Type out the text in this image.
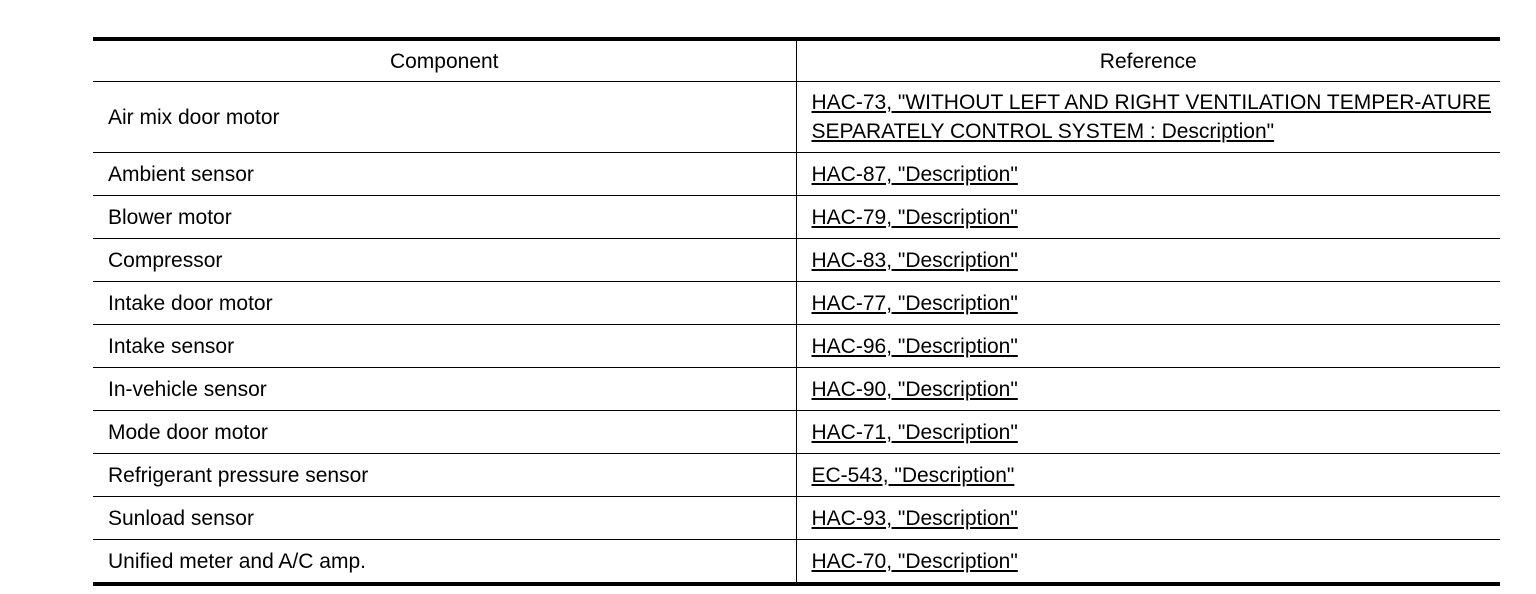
Component	Reference
Air mix door motor	HAC-73, "WITHOUT LEFT AND RIGHT VENTILATION TEMPER-ATURE SEPARATELY CONTROL SYSTEM : Description"
Ambient sensor	HAC-87, "Description"
Blower motor	HAC-79, "Description"
Compressor	HAC-83, "Description"
Intake door motor	HAC-77, "Description"
Intake sensor	HAC-96, "Description"
In-vehicle sensor	HAC-90, "Description"
Mode door motor	HAC-71, "Description"
Refrigerant pressure sensor	EC-543, "Description"
Sunload sensor	HAC-93, "Description"
Unified meter and A/C amp.	HAC-70, "Description"
